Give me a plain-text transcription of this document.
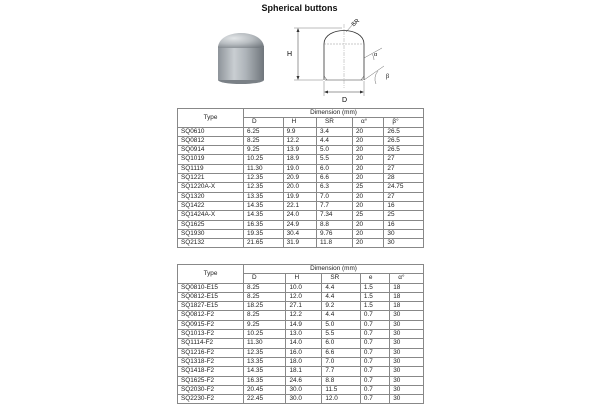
Spherical buttons
H
D
SR
α
β
Type	Dimension (mm)				
	D	H	SR	α°	β°
SQ0610	6.25	9.9	3.4	20	26.5
SQ0812	8.25	12.2	4.4	20	26.5
SQ0914	9.25	13.9	5.0	20	26.5
SQ1019	10.25	18.9	5.5	20	27
SQ1119	11.30	19.0	6.0	20	27
SQ1221	12.35	20.9	6.6	20	28
SQ1220A-X	12.35	20.0	6.3	25	24.75
SQ1320	13.35	19.9	7.0	20	27
SQ1422	14.35	22.1	7.7	20	16
SQ1424A-X	14.35	24.0	7.34	25	25
SQ1625	16.35	24.9	8.8	20	16
SQ1930	19.35	30.4	9.76	20	30
SQ2132	21.65	31.9	11.8	20	30
Type	Dimension (mm)				
	D	H	SR	e	α°
SQ0810-E15	8.25	10.0	4.4	1.5	18
SQ0812-E15	8.25	12.0	4.4	1.5	18
SQ1827-E15	18.25	27.1	9.2	1.5	18
SQ0812-F2	8.25	12.2	4.4	0.7	30
SQ0915-F2	9.25	14.9	5.0	0.7	30
SQ1013-F2	10.25	13.0	5.5	0.7	30
SQ1114-F2	11.30	14.0	6.0	0.7	30
SQ1216-F2	12.35	16.0	6.6	0.7	30
SQ1318-F2	13.35	18.0	7.0	0.7	30
SQ1418-F2	14.35	18.1	7.7	0.7	30
SQ1625-F2	16.35	24.6	8.8	0.7	30
SQ2030-F2	20.45	30.0	11.5	0.7	30
SQ2230-F2	22.45	30.0	12.0	0.7	30
